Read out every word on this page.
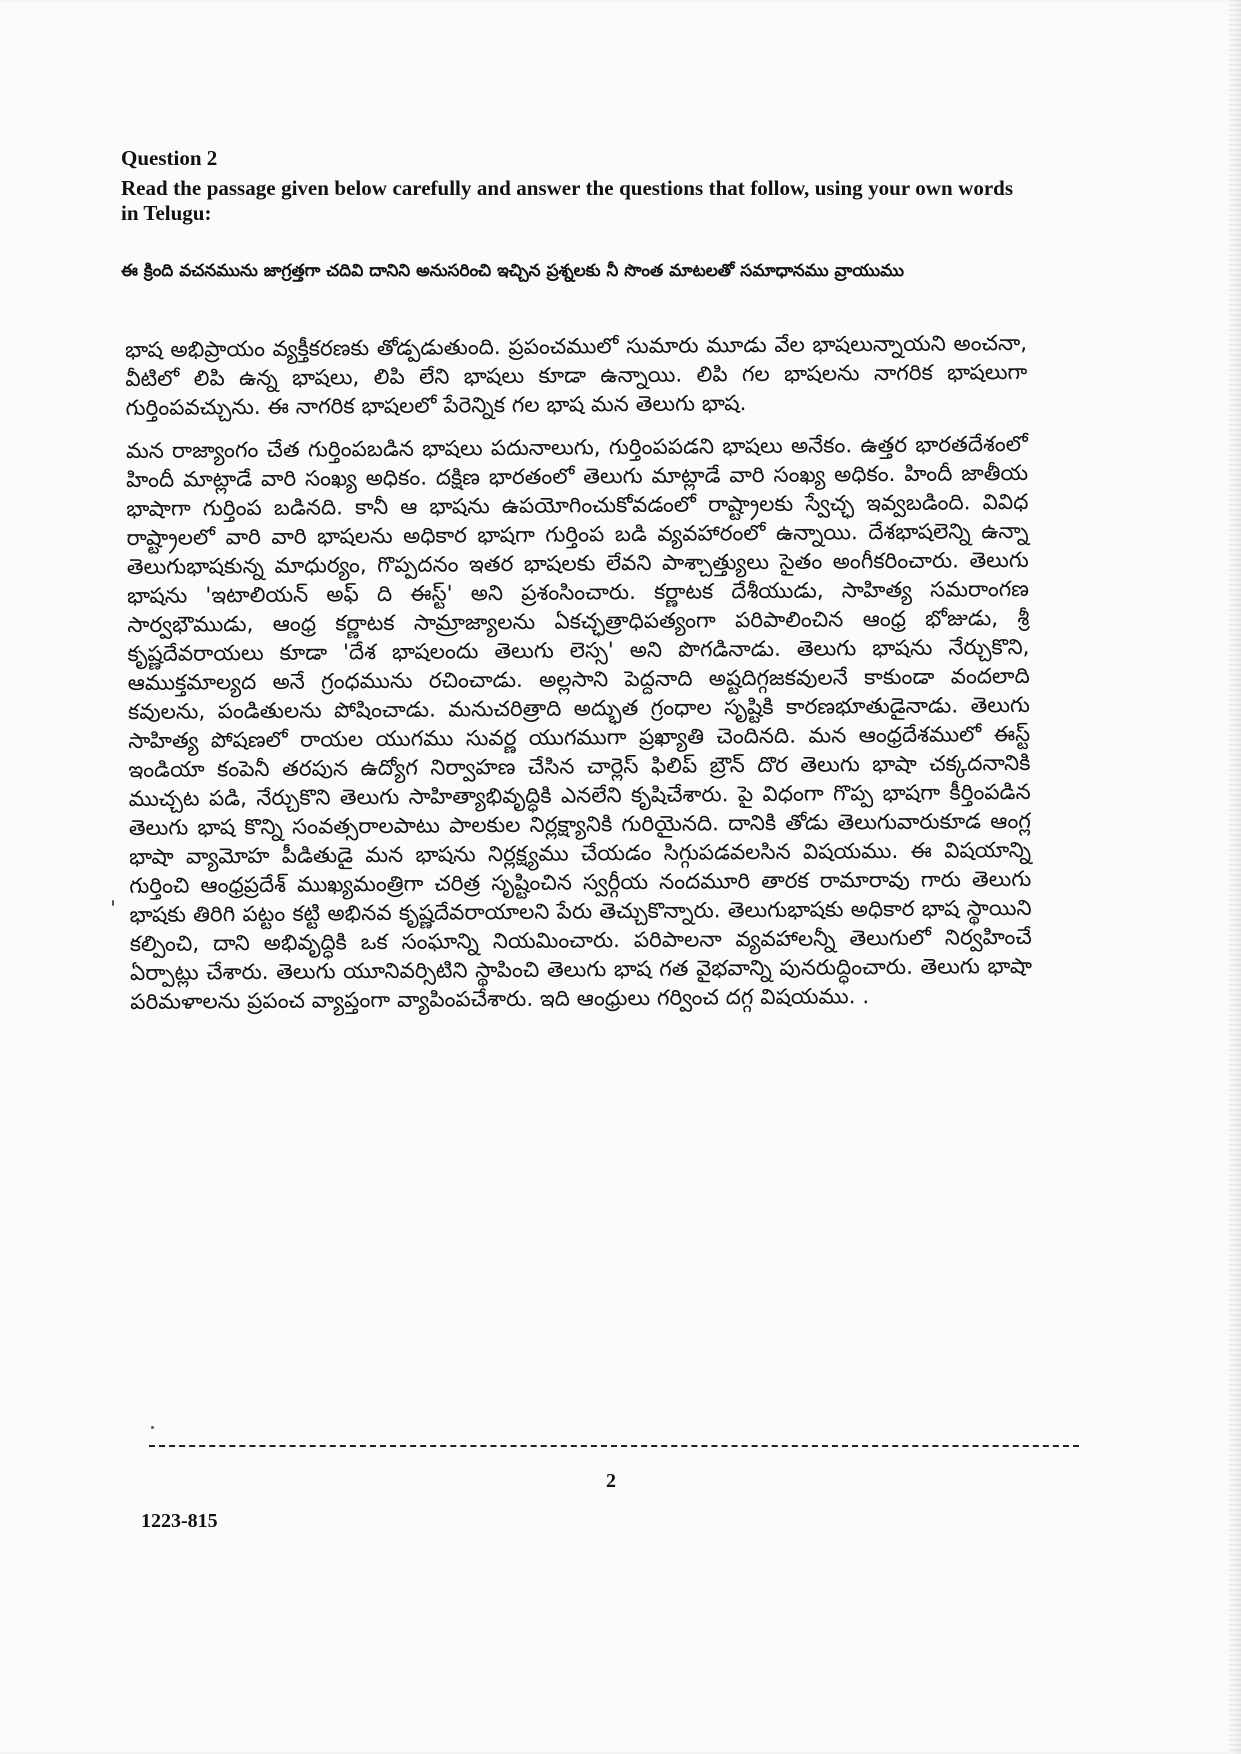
Question 2
Read the passage given below carefully and answer the questions that follow, using your own words in Telugu:
ఈ క్రింది వచనమును జాగ్రత్తగా చదివి దానిని అనుసరించి ఇచ్చిన ప్రశ్నలకు నీ సొంత మాటలతో సమాధానము వ్రాయుము

భాష అభిప్రాయం వ్యక్తీకరణకు తోడ్పడుతుంది. ప్రపంచములో సుమారు మూడు వేల భాషలున్నాయని అంచనా, వీటిలో లిపి ఉన్న భాషలు, లిపి లేని భాషలు కూడా ఉన్నాయి. లిపి గల భాషలను నాగరిక భాషలుగా గుర్తింపవచ్చును. ఈ నాగరిక భాషలలో పేరెన్నిక గల భాష మన తెలుగు భాష.

మన రాజ్యాంగం చేత గుర్తింపబడిన భాషలు పదునాలుగు, గుర్తింపపడని భాషలు అనేకం. ఉత్తర భారతదేశంలో హిందీ మాట్లాడే వారి సంఖ్య అధికం. దక్షిణ భారతంలో తెలుగు మాట్లాడే వారి సంఖ్య అధికం. హిందీ జాతీయ భాషాగా గుర్తింప బడినది. కానీ ఆ భాషను ఉపయోగించుకోవడంలో రాష్ట్రాలకు స్వేచ్ఛ ఇవ్వబడింది. వివిధ రాష్ట్రాలలో వారి వారి భాషలను అధికార భాషగా గుర్తింప బడి వ్యవహారంలో ఉన్నాయి. దేశభాషలెన్ని ఉన్నా తెలుగుభాషకున్న మాధుర్యం, గొప్పదనం ఇతర భాషలకు లేవని పాశ్చాత్త్యులు సైతం అంగీకరించారు. తెలుగు భాషను 'ఇటాలియన్ అఫ్ ది ఈస్ట్' అని ప్రశంసించారు. కర్ణాటక దేశీయుడు, సాహిత్య సమరాంగణ సార్వభౌముడు, ఆంధ్ర కర్ణాటక సామ్రాజ్యాలను ఏకచ్ఛత్రాధిపత్యంగా పరిపాలించిన ఆంధ్ర భోజుడు, శ్రీ కృష్ణదేవరాయలు కూడా 'దేశ భాషలందు తెలుగు లెస్స' అని పొగడినాడు. తెలుగు భాషను నేర్చుకొని, ఆముక్తమాల్యద అనే గ్రంధమును రచించాడు. అల్లసాని పెద్దనాది అష్టదిగ్గజకవులనే కాకుండా వందలాది కవులను, పండితులను పోషించాడు. మనుచరిత్రాది అద్భుత గ్రంధాల సృష్టికి కారణభూతుడైనాడు. తెలుగు సాహిత్య పోషణలో రాయల యుగము సువర్ణ యుగముగా ప్రఖ్యాతి చెందినది. మన ఆంధ్రదేశములో ఈస్ట్ ఇండియా కంపెనీ తరపున ఉద్యోగ నిర్వాహణ చేసిన చార్లెస్ ఫిలిప్ బ్రౌన్ దొర తెలుగు భాషా చక్కదనానికి ముచ్చట పడి, నేర్చుకొని తెలుగు సాహిత్యాభివృద్ధికి ఎనలేని కృషిచేశారు. పై విధంగా గొప్ప భాషగా కీర్తింపడిన తెలుగు భాష కొన్ని సంవత్సరాలపాటు పాలకుల నిర్లక్ష్యానికి గురియైనది. దానికి తోడు తెలుగువారుకూడ ఆంగ్ల భాషా వ్యామోహ పీడితుడై మన భాషను నిర్లక్ష్యము చేయడం సిగ్గుపడవలసిన విషయము. ఈ విషయాన్ని గుర్తించి ఆంధ్రప్రదేశ్ ముఖ్యమంత్రిగా చరిత్ర సృష్టించిన స్వర్గీయ నందమూరి తారక రామారావు గారు తెలుగు భాషకు తిరిగి పట్టం కట్టి అభినవ కృష్ణదేవరాయాలని పేరు తెచ్చుకొన్నారు. తెలుగుభాషకు అధికార భాష స్థాయిని కల్పించి, దాని అభివృద్ధికి ఒక సంఘాన్ని నియమించారు. పరిపాలనా వ్యవహాలన్నీ తెలుగులో నిర్వహించే ఏర్పాట్లు చేశారు. తెలుగు యూనివర్సిటిని స్థాపించి తెలుగు భాష గత వైభవాన్ని పునరుద్ధించారు. తెలుగు భాషా పరిమళాలను ప్రపంచ వ్యాప్తంగా వ్యాపింపచేశారు. ఇది ఆంధ్రులు గర్వించ దగ్గ విషయము. .

2
1223-815
